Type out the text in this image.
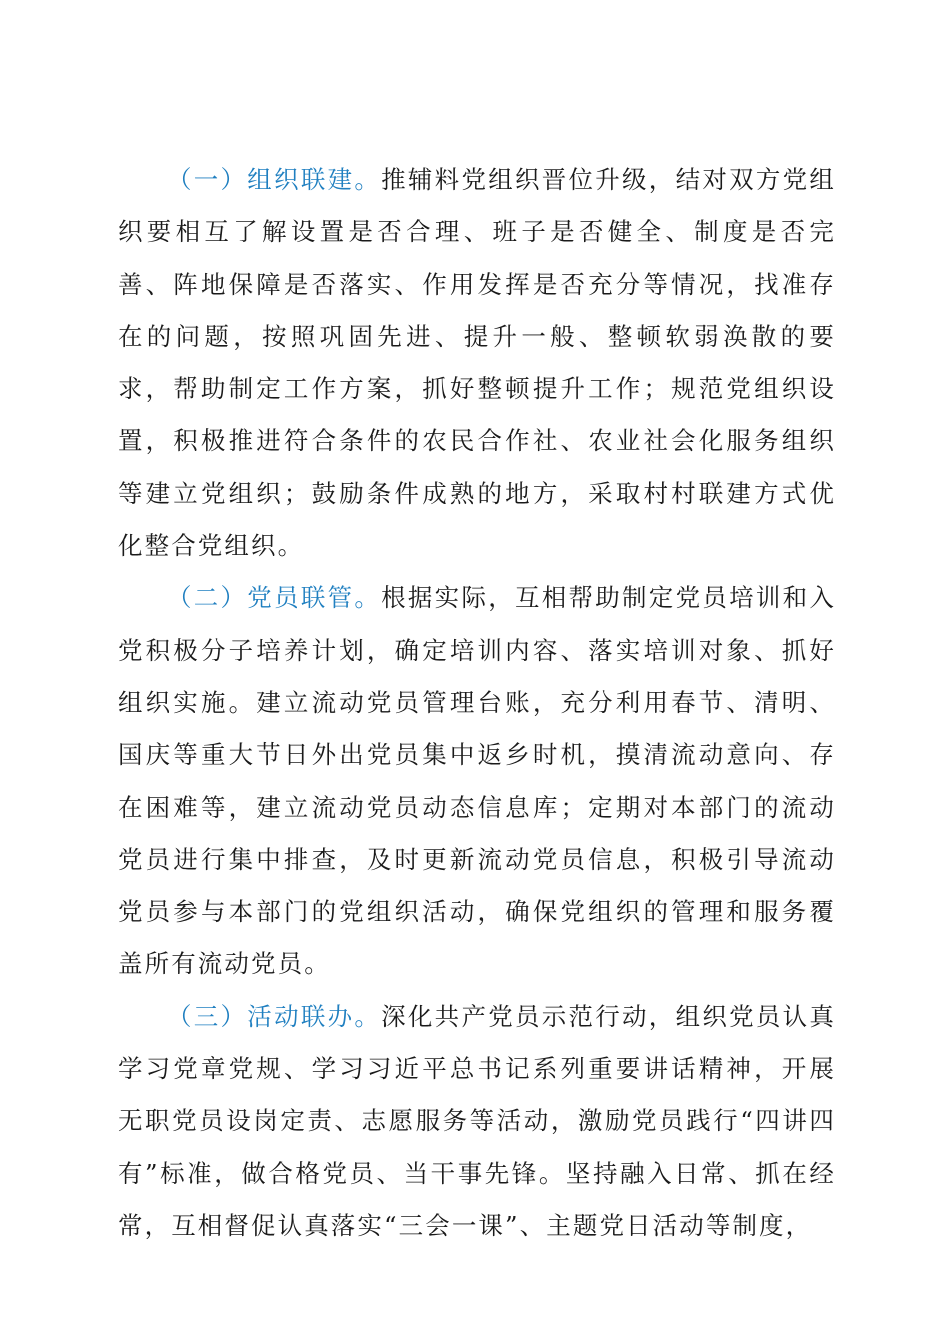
（一）组织联建。推辅料党组织晋位升级，结对双方党组织要相互了解设置是否合理、班子是否健全、制度是否完善、阵地保障是否落实、作用发挥是否充分等情况，找准存在的问题，按照巩固先进、提升一般、整顿软弱涣散的要求，帮助制定工作方案，抓好整顿提升工作；规范党组织设置，积极推进符合条件的农民合作社、农业社会化服务组织等建立党组织；鼓励条件成熟的地方，采取村村联建方式优化整合党组织。

（二）党员联管。根据实际，互相帮助制定党员培训和入党积极分子培养计划，确定培训内容、落实培训对象、抓好组织实施。建立流动党员管理台账，充分利用春节、清明、国庆等重大节日外出党员集中返乡时机，摸清流动意向、存在困难等，建立流动党员动态信息库；定期对本部门的流动党员进行集中排查，及时更新流动党员信息，积极引导流动党员参与本部门的党组织活动，确保党组织的管理和服务覆盖所有流动党员。

（三）活动联办。深化共产党员示范行动，组织党员认真学习党章党规、学习习近平总书记系列重要讲话精神，开展无职党员设岗定责、志愿服务等活动，激励党员践行“四讲四有”标准，做合格党员、当干事先锋。坚持融入日常、抓在经常，互相督促认真落实“三会一课”、主题党日活动等制度，
